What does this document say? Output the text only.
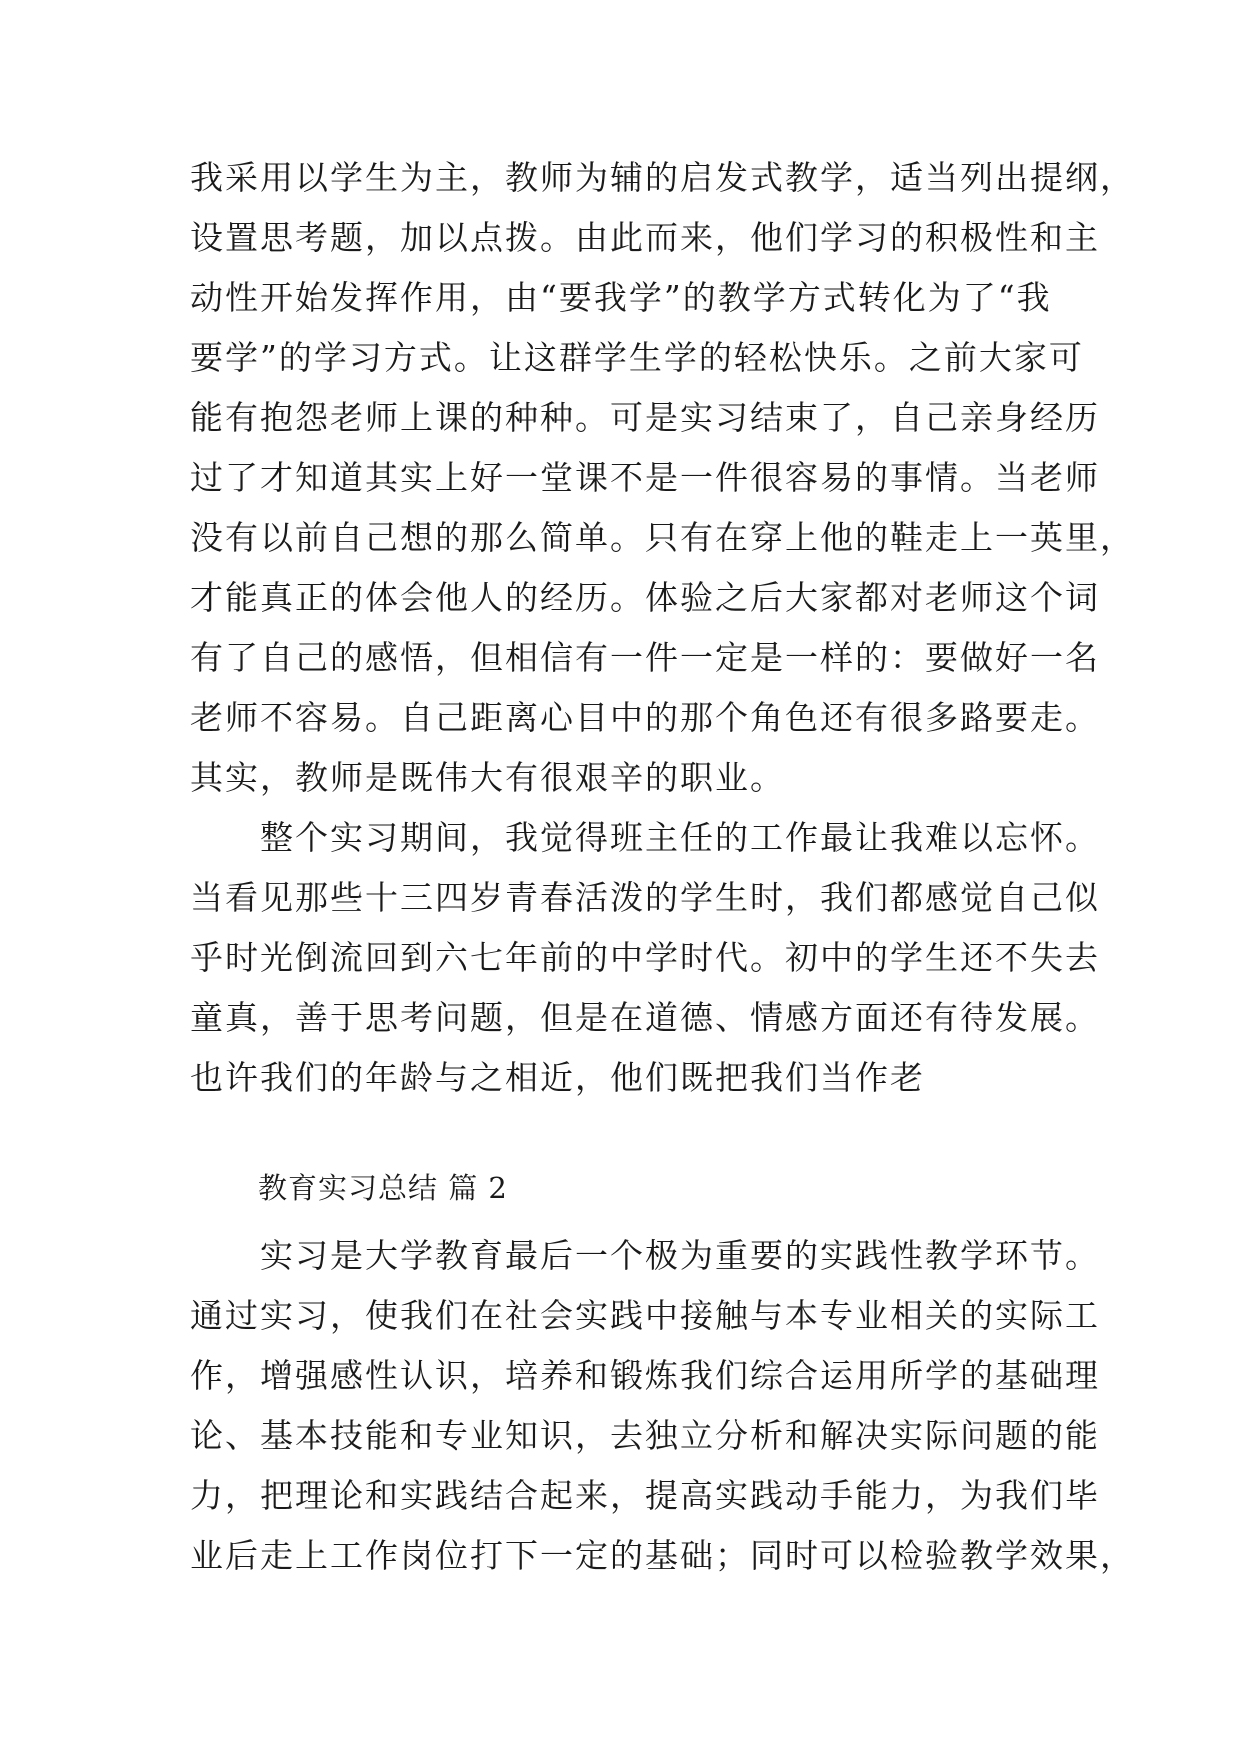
我采用以学生为主，教师为辅的启发式教学，适当列出提纲，
设置思考题，加以点拨。由此而来，他们学习的积极性和主
动性开始发挥作用，由“要我学”的教学方式转化为了“我
要学”的学习方式。让这群学生学的轻松快乐。之前大家可
能有抱怨老师上课的种种。可是实习结束了，自己亲身经历
过了才知道其实上好一堂课不是一件很容易的事情。当老师
没有以前自己想的那么简单。只有在穿上他的鞋走上一英里，
才能真正的体会他人的经历。体验之后大家都对老师这个词
有了自己的感悟，但相信有一件一定是一样的：要做好一名
老师不容易。自己距离心目中的那个角色还有很多路要走。
其实，教师是既伟大有很艰辛的职业。
　　整个实习期间，我觉得班主任的工作最让我难以忘怀。
当看见那些十三四岁青春活泼的学生时，我们都感觉自己似
乎时光倒流回到六七年前的中学时代。初中的学生还不失去
童真，善于思考问题，但是在道德、情感方面还有待发展。
也许我们的年龄与之相近，他们既把我们当作老
教育实习总结 篇 2
　　实习是大学教育最后一个极为重要的实践性教学环节。
通过实习，使我们在社会实践中接触与本专业相关的实际工
作，增强感性认识，培养和锻炼我们综合运用所学的基础理
论、基本技能和专业知识，去独立分析和解决实际问题的能
力，把理论和实践结合起来，提高实践动手能力，为我们毕
业后走上工作岗位打下一定的基础；同时可以检验教学效果，
